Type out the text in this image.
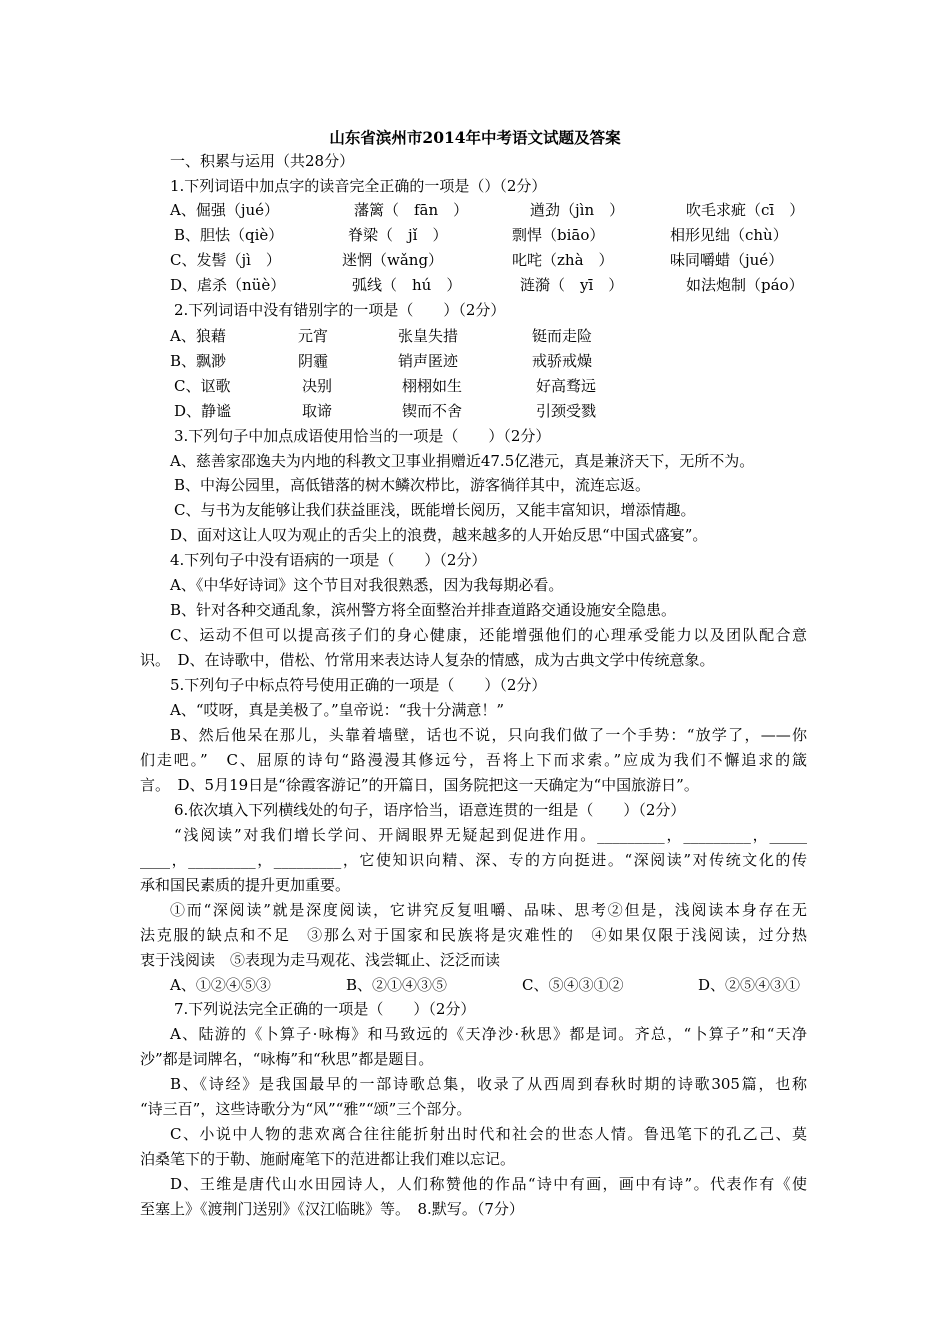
山东省滨州市2014年中考语文试题及答案
一、积累与运用（共28分）
1.下列词语中加点字的读音完全正确的一项是（）（2分）
A、倔强（jué）	藩篱（　fān　）	遒劲（jìn　）	吹毛求疵（cī　）
B、胆怯（qiè）	脊梁（　jǐ　）	剽悍（biāo）	相形见绌（chù）
C、发髻（jì　）	迷惘（wǎng）	叱咤（zhà　）	味同嚼蜡（jué）
D、虐杀（nüè）	弧线（　hú　）	涟漪（　yī　）	如法炮制（páo）
2.下列词语中没有错别字的一项是（　　）（2分）
A、狼藉	元宵	张皇失措	铤而走险
B、飘渺	阴霾	销声匿迹	戒骄戒燥
C、讴歌	决别	栩栩如生	好高骛远
D、静谧	取谛	锲而不舍	引颈受戮
3.下列句子中加点成语使用恰当的一项是（　　）（2分）
A、慈善家邵逸夫为内地的科教文卫事业捐赠近47.5亿港元，真是兼济天下，无所不为。
B、中海公园里，高低错落的树木鳞次栉比，游客徜徉其中，流连忘返。
C、与书为友能够让我们获益匪浅，既能增长阅历，又能丰富知识，增添情趣。
D、面对这让人叹为观止的舌尖上的浪费，越来越多的人开始反思“中国式盛宴”。
4.下列句子中没有语病的一项是（　　）（2分）
A、《中华好诗词》这个节目对我很熟悉，因为我每期必看。
B、针对各种交通乱象，滨州警方将全面整治并排查道路交通设施安全隐患。
C、运动不但可以提高孩子们的身心健康，还能增强他们的心理承受能力以及团队配合意
识。　D、在诗歌中，借松、竹常用来表达诗人复杂的情感，成为古典文学中传统意象。
5.下列句子中标点符号使用正确的一项是（　　）（2分）
A、“哎呀，真是美极了。”皇帝说：“我十分满意！”
B、然后他呆在那儿，头靠着墙壁，话也不说，只向我们做了一个手势：“放学了，——你
们走吧。”　C、屈原的诗句“路漫漫其修远兮，吾将上下而求索。”应成为我们不懈追求的箴
言。　D、5月19日是“徐霞客游记”的开篇日，国务院把这一天确定为“中国旅游日”。
6.依次填入下列横线处的句子，语序恰当，语意连贯的一组是（　　）（2分）
“浅阅读”对我们增长学问、开阔眼界无疑起到促进作用。_________，_________，_____
____，_________，_________，它使知识向精、深、专的方向挺进。“深阅读”对传统文化的传
承和国民素质的提升更加重要。
①而“深阅读”就是深度阅读，它讲究反复咀嚼、品味、思考②但是，浅阅读本身存在无
法克服的缺点和不足　③那么对于国家和民族将是灾难性的　④如果仅限于浅阅读，过分热
衷于浅阅读　⑤表现为走马观花、浅尝辄止、泛泛而读
A、①②④⑤③	B、②①④③⑤	C、⑤④③①②	D、②⑤④③①
7.下列说法完全正确的一项是（　　）（2分）
A、陆游的《卜算子·咏梅》和马致远的《天净沙·秋思》都是词。齐总，“卜算子”和“天净
沙”都是词牌名，“咏梅”和“秋思”都是题目。
B、《诗经》是我国最早的一部诗歌总集，收录了从西周到春秋时期的诗歌305篇，也称
“诗三百”，这些诗歌分为“风”“雅”“颂”三个部分。
C、小说中人物的悲欢离合往往能折射出时代和社会的世态人情。鲁迅笔下的孔乙己、莫
泊桑笔下的于勒、施耐庵笔下的范进都让我们难以忘记。
D、王维是唐代山水田园诗人，人们称赞他的作品“诗中有画，画中有诗”。代表作有《使
至塞上》《渡荆门送别》《汉江临眺》等。　8.默写。（7分）
